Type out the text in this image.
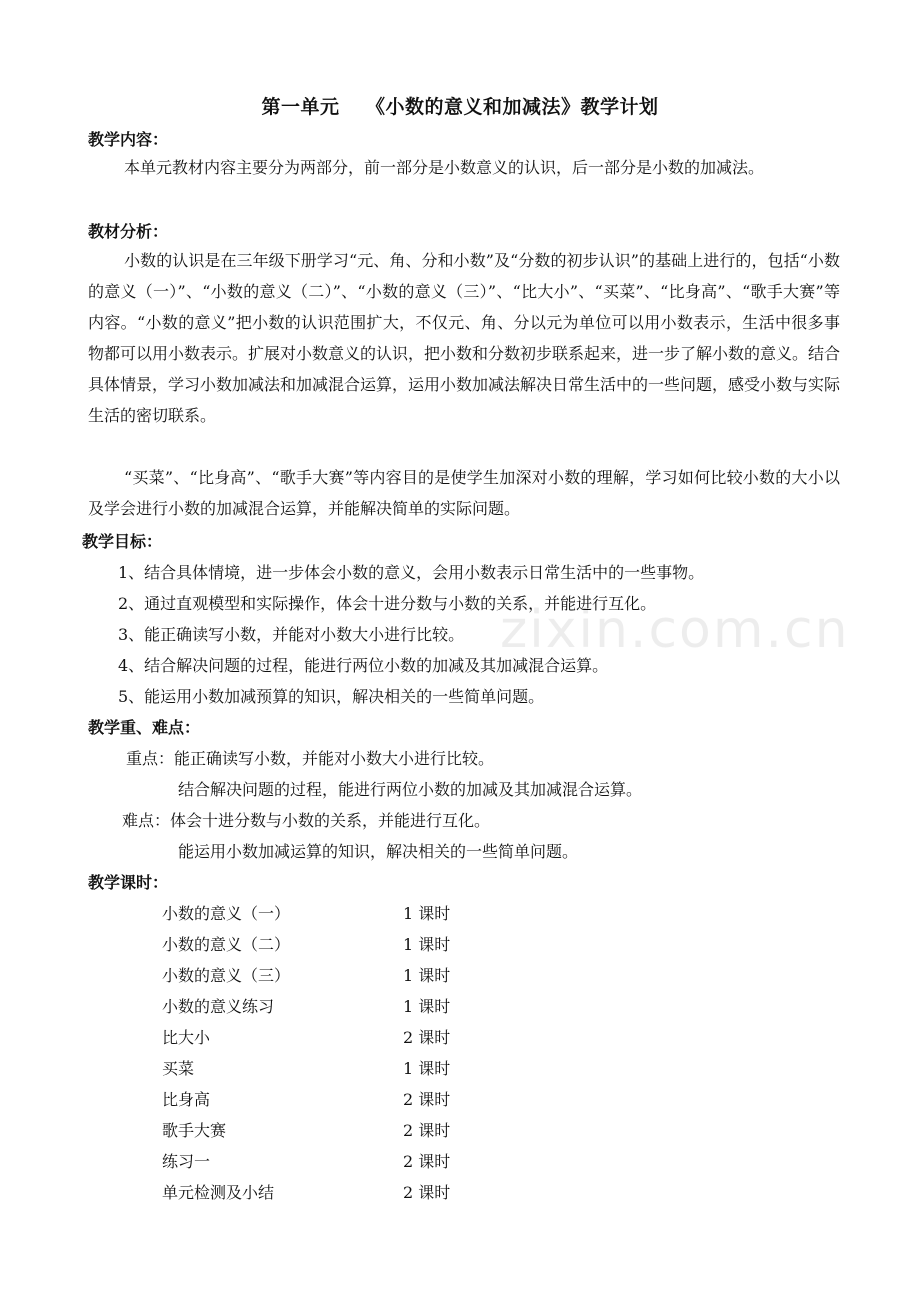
第一单元　 《小数的意义和加减法》教学计划
教学内容：
本单元教材内容主要分为两部分，前一部分是小数意义的认识，后一部分是小数的加减法。
教材分析：
小数的认识是在三年级下册学习“元、角、分和小数”及“分数的初步认识”的基础上进行的，包括“小数的意义（一）”、“小数的意义（二）”、“小数的意义（三）”、“比大小”、“买菜”、“比身高”、“歌手大赛”等内容。“小数的意义”把小数的认识范围扩大，不仅元、角、分以元为单位可以用小数表示，生活中很多事物都可以用小数表示。扩展对小数意义的认识，把小数和分数初步联系起来，进一步了解小数的意义。结合具体情景，学习小数加减法和加减混合运算，运用小数加减法解决日常生活中的一些问题，感受小数与实际生活的密切联系。
“买菜”、“比身高”、“歌手大赛”等内容目的是使学生加深对小数的理解，学习如何比较小数的大小以及学会进行小数的加减混合运算，并能解决简单的实际问题。
教学目标：
1、结合具体情境，进一步体会小数的意义，会用小数表示日常生活中的一些事物。
2、通过直观模型和实际操作，体会十进分数与小数的关系，并能进行互化。
3、能正确读写小数，并能对小数大小进行比较。
4、结合解决问题的过程，能进行两位小数的加减及其加减混合运算。
5、能运用小数加减预算的知识，解决相关的一些简单问题。
教学重、难点：
重点：能正确读写小数，并能对小数大小进行比较。
结合解决问题的过程，能进行两位小数的加减及其加减混合运算。
难点：体会十进分数与小数的关系，并能进行互化。
能运用小数加减运算的知识，解决相关的一些简单问题。
教学课时：
小数的意义（一）	1 课时
小数的意义（二）	1 课时
小数的意义（三）	1 课时
小数的意义练习	1 课时
比大小	2 课时
买菜	1 课时
比身高	2 课时
歌手大赛	2 课时
练习一	2 课时
单元检测及小结	2 课时
zixin.com.cn
